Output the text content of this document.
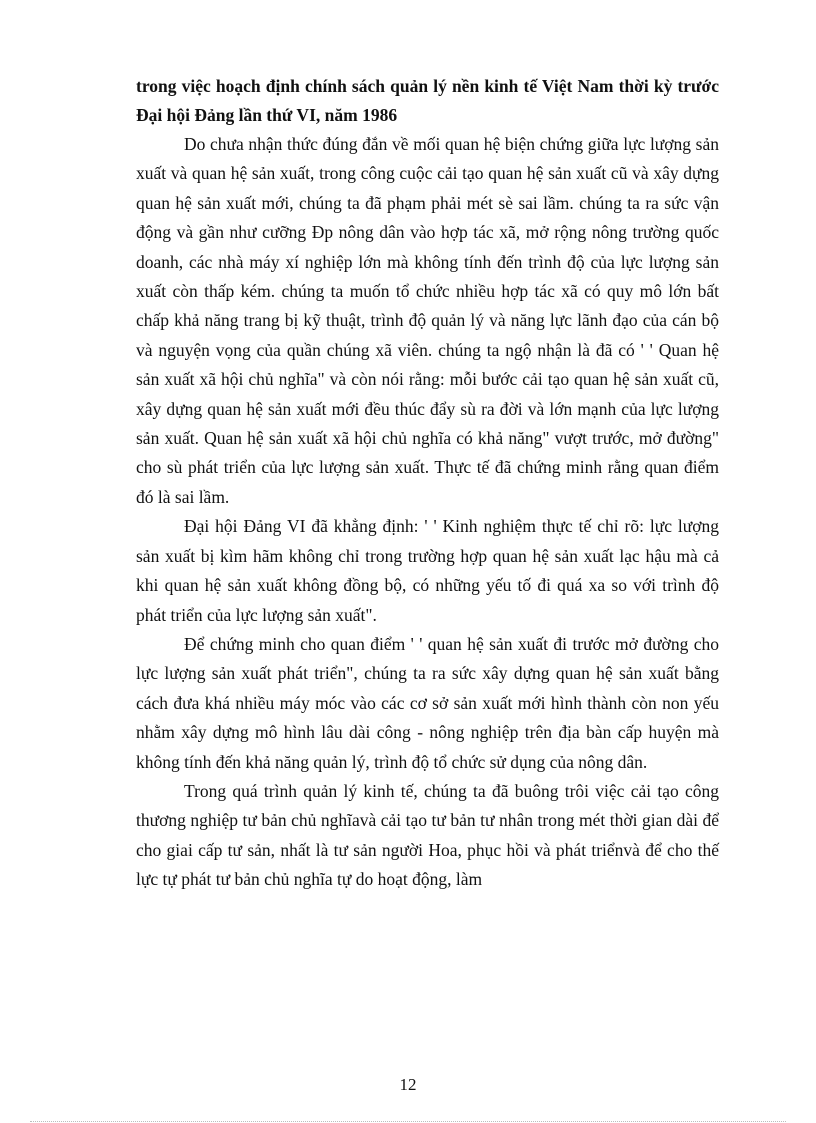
trong việc hoạch định chính sách quản lý nền kinh tế Việt Nam thời kỳ trước Đại hội Đảng lần thứ VI, năm 1986

Do chưa nhận thức đúng đắn về mối quan hệ biện chứng giữa lực lượng sản xuất và quan hệ sản xuất, trong công cuộc cải tạo quan hệ sản xuất cũ và xây dựng quan hệ sản xuất mới, chúng ta đã phạm phải mét sè sai lầm. chúng ta ra sức vận động và gần như cưỡng Đp nông dân vào hợp tác xã, mở rộng nông trường quốc doanh, các nhà máy xí nghiệp lớn mà không tính đến trình độ của lực lượng sản xuất còn thấp kém. chúng ta muốn tổ chức nhiều hợp tác xã có quy mô lớn bất chấp khả năng trang bị kỹ thuật, trình độ quản lý và năng lực lãnh đạo của cán bộ và nguyện vọng của quần chúng xã viên. chúng ta ngộ nhận là đã có ' ' Quan hệ sản xuất xã hội chủ nghĩa" và còn nói rằng: mỗi bước cải tạo quan hệ sản xuất cũ, xây dựng quan hệ sản xuất mới đều thúc đẩy sù ra đời và lớn mạnh của lực lượng sản xuất. Quan hệ sản xuất xã hội chủ nghĩa có khả năng" vượt trước, mở đường" cho sù phát triển của lực lượng sản xuất. Thực tế đã chứng minh rằng quan điểm đó là sai lầm.

Đại hội Đảng VI đã khẳng định: ' ' Kinh nghiệm thực tế chỉ rõ: lực lượng sản xuất bị kìm hãm không chỉ trong trường hợp quan hệ sản xuất lạc hậu mà cả khi quan hệ sản xuất không đồng bộ, có những yếu tố đi quá xa so với trình độ phát triển của lực lượng sản xuất".

Để chứng minh cho quan điểm ' ' quan hệ sản xuất đi trước mở đường cho lực lượng sản xuất phát triển", chúng ta ra sức xây dựng quan hệ sản xuất bằng cách đưa khá nhiều máy móc vào các cơ sở sản xuất mới hình thành còn non yếu nhằm xây dựng mô hình lâu dài công - nông nghiệp trên địa bàn cấp huyện mà không tính đến khả năng quản lý, trình độ tổ chức sử dụng của nông dân.

Trong quá trình quản lý kinh tế, chúng ta đã buông trôi việc cải tạo công thương nghiệp tư bản chủ nghĩavà cải tạo tư bản tư nhân trong mét thời gian dài để cho giai cấp tư sản, nhất là tư sản người Hoa, phục hồi và phát triểnvà để cho thế lực tự phát tư bản chủ nghĩa tự do hoạt động, làm

12
